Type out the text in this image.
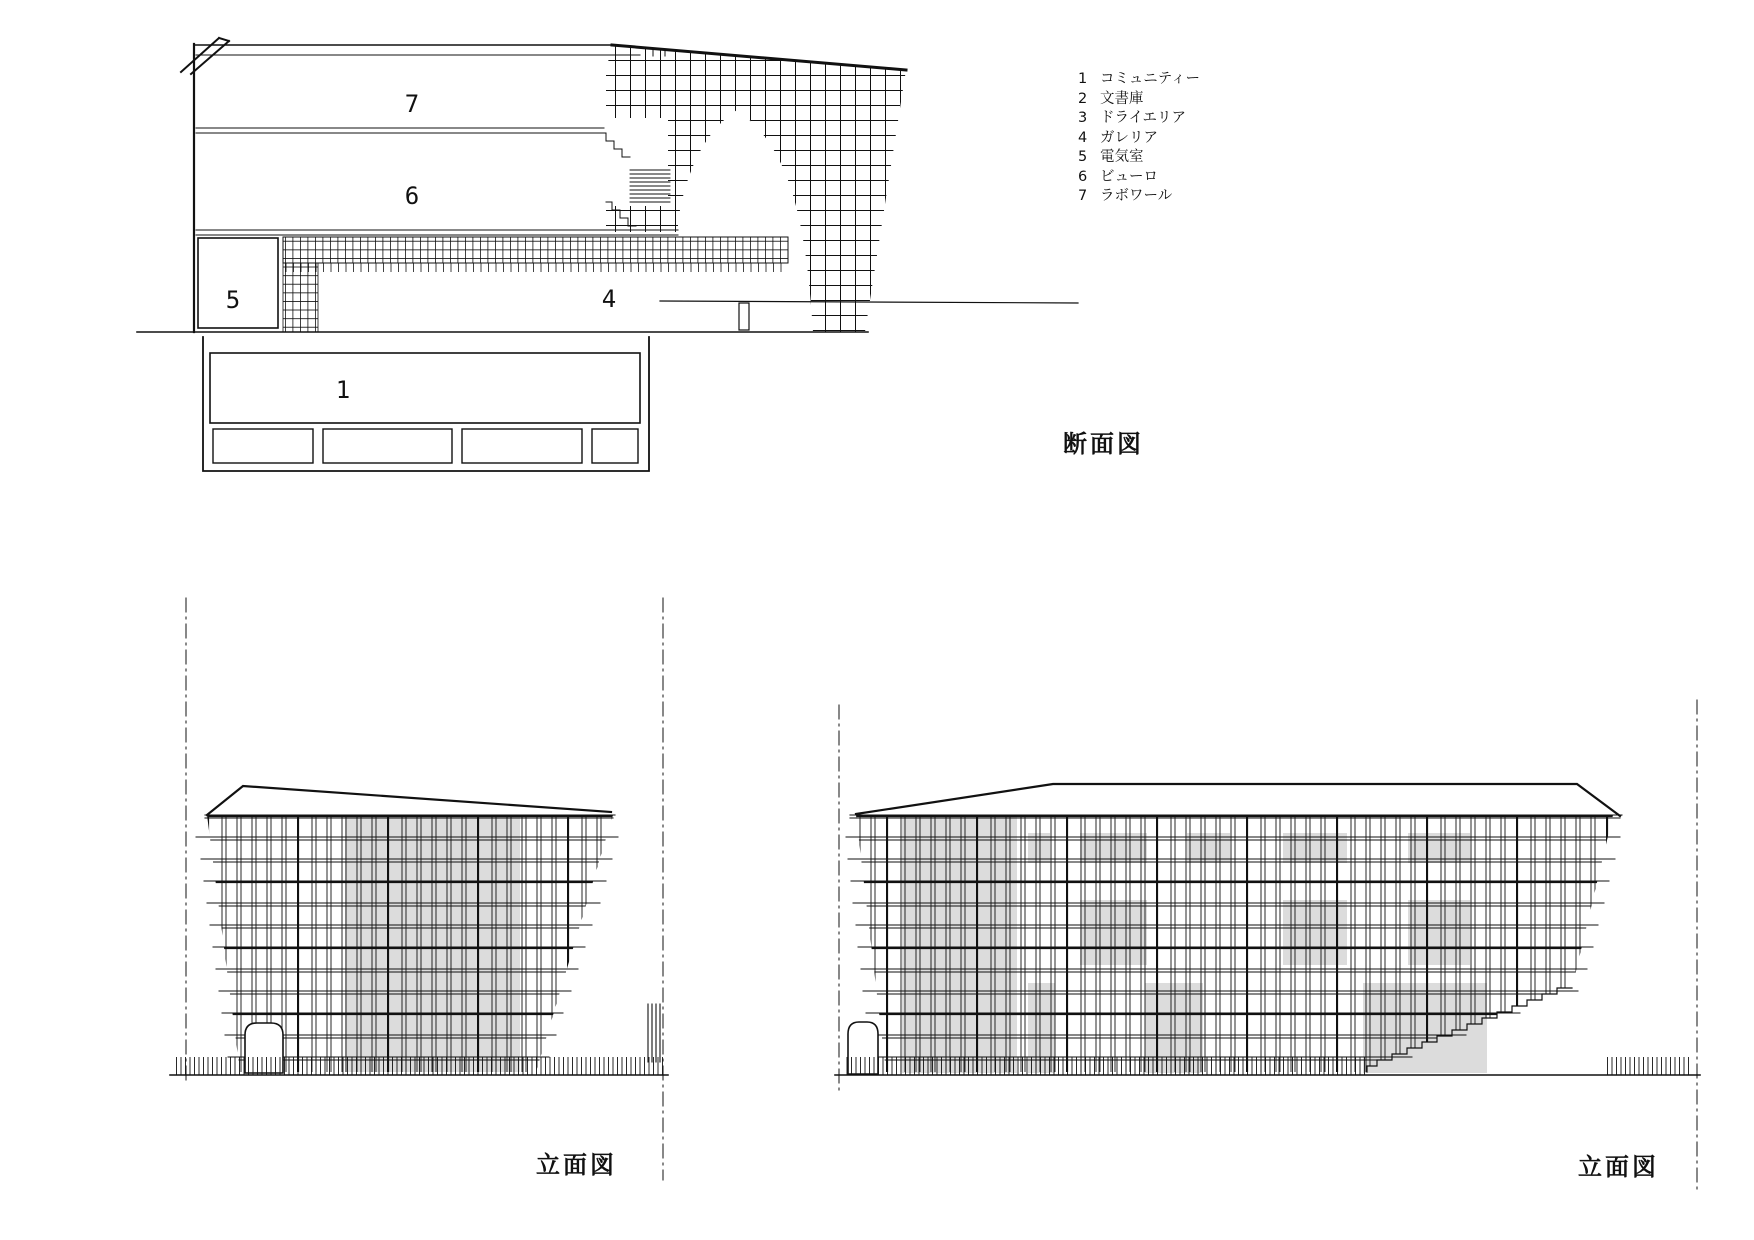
7
6
5	4
1
1 コミュニティー
2 文書庫
3 ドライエリア
4 ガレリア
5 電気室
6 ビューロ
7 ラボワール
断面図
立面図	立面図
